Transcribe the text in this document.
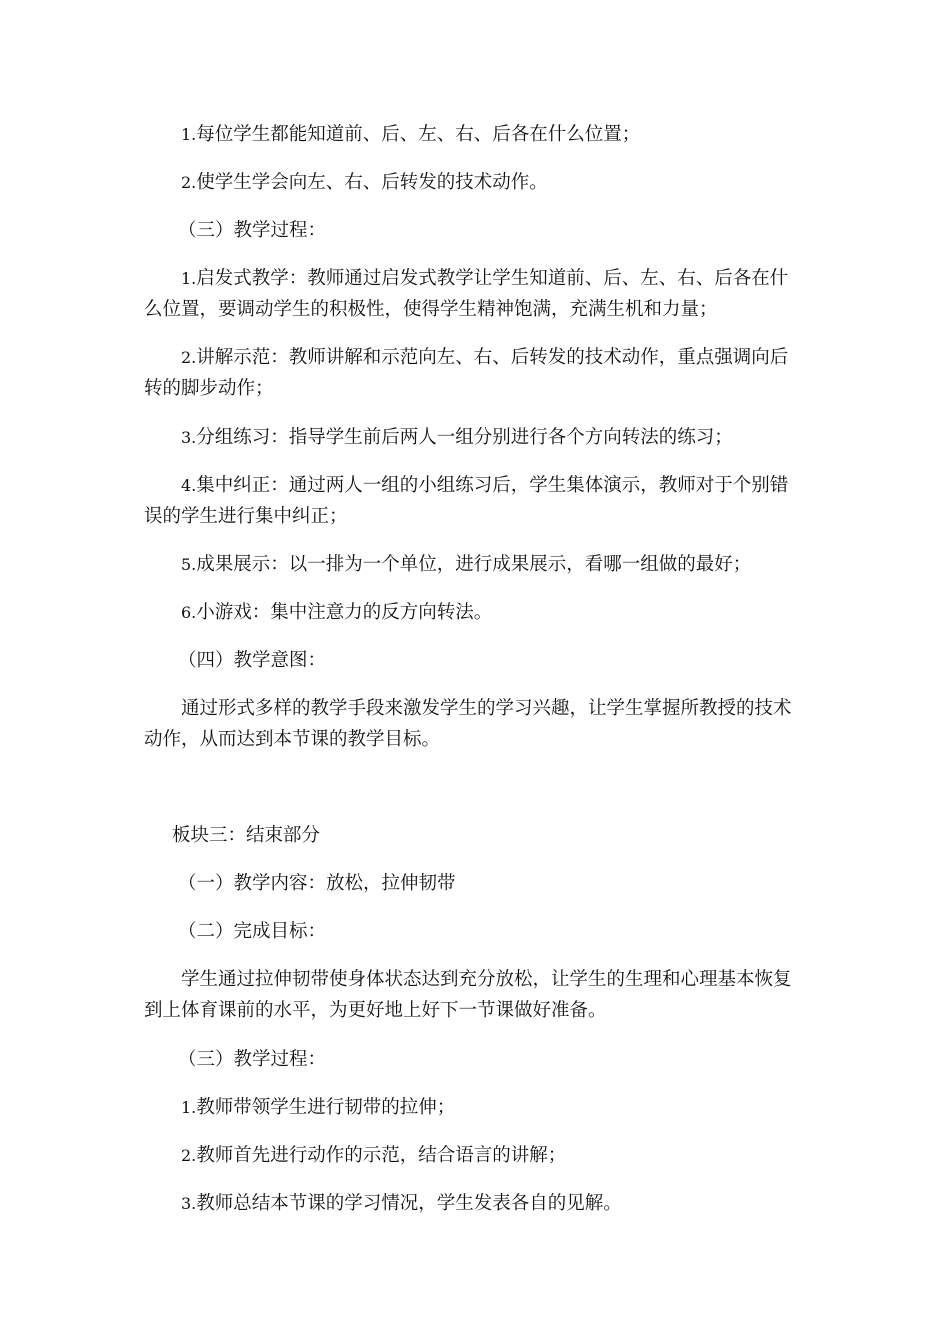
1.每位学生都能知道前、后、左、右、后各在什么位置；

2.使学生学会向左、右、后转发的技术动作。

（三）教学过程：

1.启发式教学：教师通过启发式教学让学生知道前、后、左、右、后各在什么位置，要调动学生的积极性，使得学生精神饱满，充满生机和力量；

2.讲解示范：教师讲解和示范向左、右、后转发的技术动作，重点强调向后转的脚步动作；

3.分组练习：指导学生前后两人一组分别进行各个方向转法的练习；

4.集中纠正：通过两人一组的小组练习后，学生集体演示，教师对于个别错误的学生进行集中纠正；

5.成果展示：以一排为一个单位，进行成果展示，看哪一组做的最好；

6.小游戏：集中注意力的反方向转法。

（四）教学意图：

通过形式多样的教学手段来激发学生的学习兴趣，让学生掌握所教授的技术动作，从而达到本节课的教学目标。

板块三：结束部分

（一）教学内容：放松，拉伸韧带

（二）完成目标：

学生通过拉伸韧带使身体状态达到充分放松，让学生的生理和心理基本恢复到上体育课前的水平，为更好地上好下一节课做好准备。

（三）教学过程：

1.教师带领学生进行韧带的拉伸；

2.教师首先进行动作的示范，结合语言的讲解；

3.教师总结本节课的学习情况，学生发表各自的见解。
